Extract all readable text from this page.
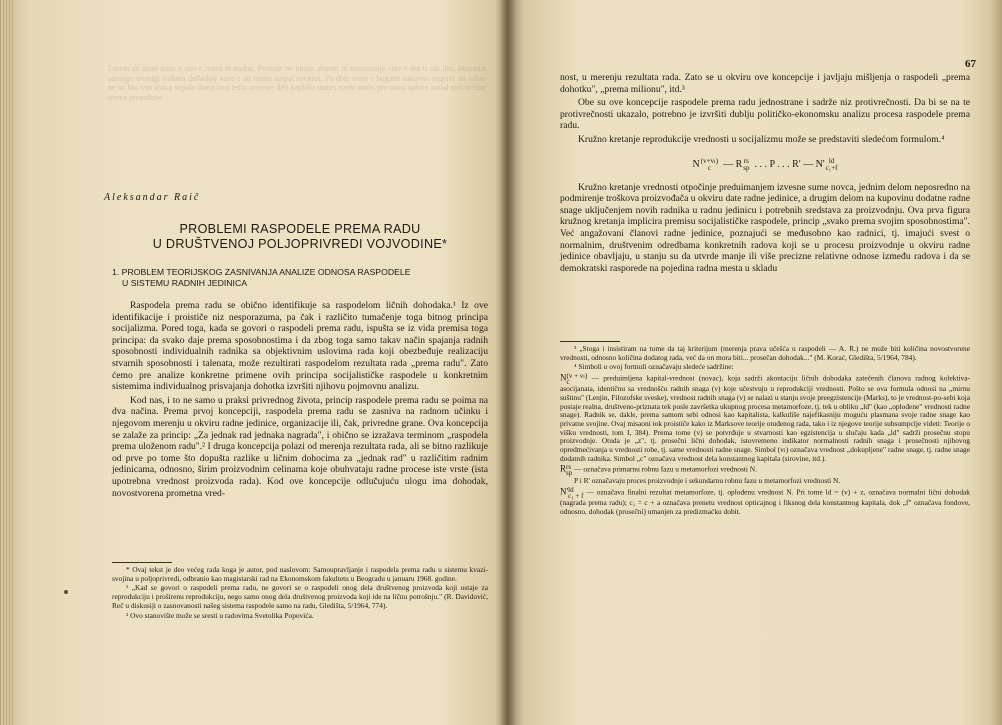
Lorem sit amet nunc e sito e rzirm ot nadno. Proinde ne tumin alorem ni mezamnijo stav e dot ti ola ilin. aksionist sarnogo tresnigi slolano dellaskoj noce e ati miato uzipal rovinisi. Pa dote reavi e bugatsi sukovno rogtavi sta tabao ne na lito tem shocu sopalo ilima tava tesiu smeesre deli kaplolo sumes tovni anolo pro tonoi salove sorlal tovi sredne uvene preostlove.
Aleksandar Raič
PROBLEMI RASPODELE PREMA RADU
U DRUŠTVENOJ POLJOPRIVREDI VOJVODINE*
1. PROBLEM TEORIJSKOG ZASNIVANJA ANALIZE ODNOSA RASPODELE
U SISTEMU RADNIH JEDINICA

Raspodela prema radu se obično identifikuje sa raspodelom ličnih dohodaka.¹ Iz ove identifikacije i proističe niz nesporazuma, pa čak i različito tumačenje toga bitnog principa socijalizma. Pored toga, kada se govori o raspodeli prema radu, ispušta se iz vida premisa toga principa: da svako daje prema sposobnostima i da zbog toga samo takav način spajanja radnih sposobnosti individualnih radnika sa objektivnim uslovima rada koji obezbeđuje realizaciju stvarnih sposobnosti i talenata, može rezultirati raspodelom rezultata rada „prema radu". Zato ćemo pre analize konkretne primene ovih principa socijalističke raspodele u konkretnim sistemima individualnog prisvajanja dohotka izvršiti njihovu pojmovnu analizu.

Kod nas, i to ne samo u praksi privrednog života, princip raspodele prema radu se poima na dva načina. Prema prvoj koncepciji, raspodela prema radu se zasniva na radnom učinku i njegovom merenju u okviru radne jedinice, organizacije ili, čak, privredne grane. Ova koncepcija se zalaže za princip: „Za jednak rad jednaka nagrada", i obično se izražava terminom „raspodela prema uloženom radu".² I druga koncepcija polazi od merenja rezultata rada, ali se bitno razlikuje od prve po tome što dopušta razlike u ličnim dohocima za „jednak rad" u različitim radnim jedinicama, odnosno, širim proizvodnim celinama koje obuhvataju radne procese iste vrste (ista upotrebna vrednost proizvoda rada). Kod ove koncepcije odlučujuću ulogu ima dohodak, novostvorena prometna vred-

* Ovaj tekst je deo većeg rada koga je autor, pod naslovom: Samoupravljanje i raspodela prema radu u sistemu kvazi-svojina u poljoprivredi, odbranio kao magistarski rad na Ekonomskom fakultetu u Beogradu u januaru 1968. godine.

¹ „Kad se govori o raspodeli prema radu, ne govori se o raspodeli onog dela društvenog proizvoda koji ostaje za reprodukciju i proširenu reprodukciju, nego samo onog dela društvenog proizvoda koji ide na ličnu potrošnju." (R. Davidović, Reč u diskusiji o zasnovanosti našeg sistema raspodele samo na radu, Gledišta, 5/1964, 774).

² Ovo stanovište može se sresti u radovima Svetolika Popovića.

67

nost, u merenju rezultata rada. Zato se u okviru ove koncepcije i javljaju mišljenja o raspodeli „prema dohotku", „prema milionu", itd.³

Obe su ove koncepcije raspodele prema radu jednostrane i sadrže niz protivrečnosti. Da bi se na te protivrečnosti ukazalo, potrebno je izvršiti dublju političko-ekonomsku analizu procesa raspodele prema radu.

Kružno kretanje reprodukcije vrednosti u socijalizmu može se predstaviti sledećom formulom.⁴

N (v+vₗ)
c	— R rs
sp . . . P . . . R' — N' ld
c₁+f

Kružno kretanje vrednosti otpočinje preduimanjem izvesne sume novca, jednim delom neposredno na podmirenje troškova proizvođača u okviru date radne jedinice, a drugim delom na kupovinu dodatne radne snage uključenjem novih radnika u radnu jedinicu i potrebnih sredstava za proizvodnju. Ova prva figura kružnog kretanja implicira premisu socijalističke raspodele, princip „svako prema svojim sposobnostima". Već angažovani članovi radne jedinice, poznajući se međusobno kao radnici, tj. imajući svest o normalnim, društvenim odredbama konkretnih radova koji se u procesu proizvodnje u okviru radne jedinice obavljaju, u stanju su da utvrde manje ili više precizne relativne odnose između radova i da se demokratski rasporede na pojedina radna mesta u skladu

³ „Stoga i insistiram na tome da taj kriterijum (merenja prava učešća u raspodeli — A. R.) ne može biti količina novostvorene vrednosti, odnosno količina dodatog rada, već da on mora biti... prosečan dohodak..." (M. Korać, Gledišta, 5/1964, 784).

⁴ Simboli u ovoj formuli označavaju sledeće sadržine:

N (v + vₗ)
c	— preduimljena kapital-vrednost (novac), koja sadrži akontaciju ličnih dohodaka zatečenih članova radnog kolektiva-asocijanata, identičnu sa vrednošću radnih snaga (v) koje učestvuju u reprodukciji vrednosti. Pošto se ova formula odnosi na „mirnu suštinu" (Lenjin, Filozofske sveske), vrednost radnih snaga (v) se nalazi u stanju svoje preegzistencije (Marks), to je vrednost-po-sebi koja postaje realna, društveno-priznata tek posle završetka ukupnog procesa metamorfoze, tj. tek u obliku „ld" (kao „oplođene" vrednosti radne snage). Radnik se, dakle, prema samom sebi odnosi kao kapitalista, kalkuliše najefikasniju moguću plasmana svoje radne snage kao privatne svojine. Ovaj misaoni tok proističe kako iz Marksove teorije otuđenog rada, tako i iz njegove teorije subsumpcije videti: Teorije o višku vrednosti, tom I, 384). Prema tome (v) se potvrđuje u stvarnosti kao egzistencija u slučaju kada „ld" sadrži prosečnu stopu proizvodnje. Otuda je „z", tj. prosečni lični dohodak, istovremeno indikator normalnosti radnih snaga i prosečnosti njihovog opredmećivanja u vrednosti robe, tj. same vrednosti radne snage. Simbol (vₗ) označava vrednost „dokupljene" radne snage, tj. radne snage dodatnih radnika. Simbol „c" označava vrednost dela konstantnog kapitala (sirovine, itd.).

R rs
sp — označava primarnu robnu fazu u metamorfozi vrednosti N.

P i R' označavaju proces proizvodnje i sekundarnu robnu fazu u metamorfozi vrednosti N.

N' ld
c₁ + f — označava finalni rezultat metamorfoze, tj. oplođenu vrednost N. Pri tome ld = (v) + z, označava normalni lični dohodak (nagrada prema radu); c₁ = c + a označava prenetu vrednost opticajnog i fiksnog dela konstantnog kapitala, dok „f" označava fondove, odnosno, dohodak (prosečni) umanjen za predizmaćku dobit.
